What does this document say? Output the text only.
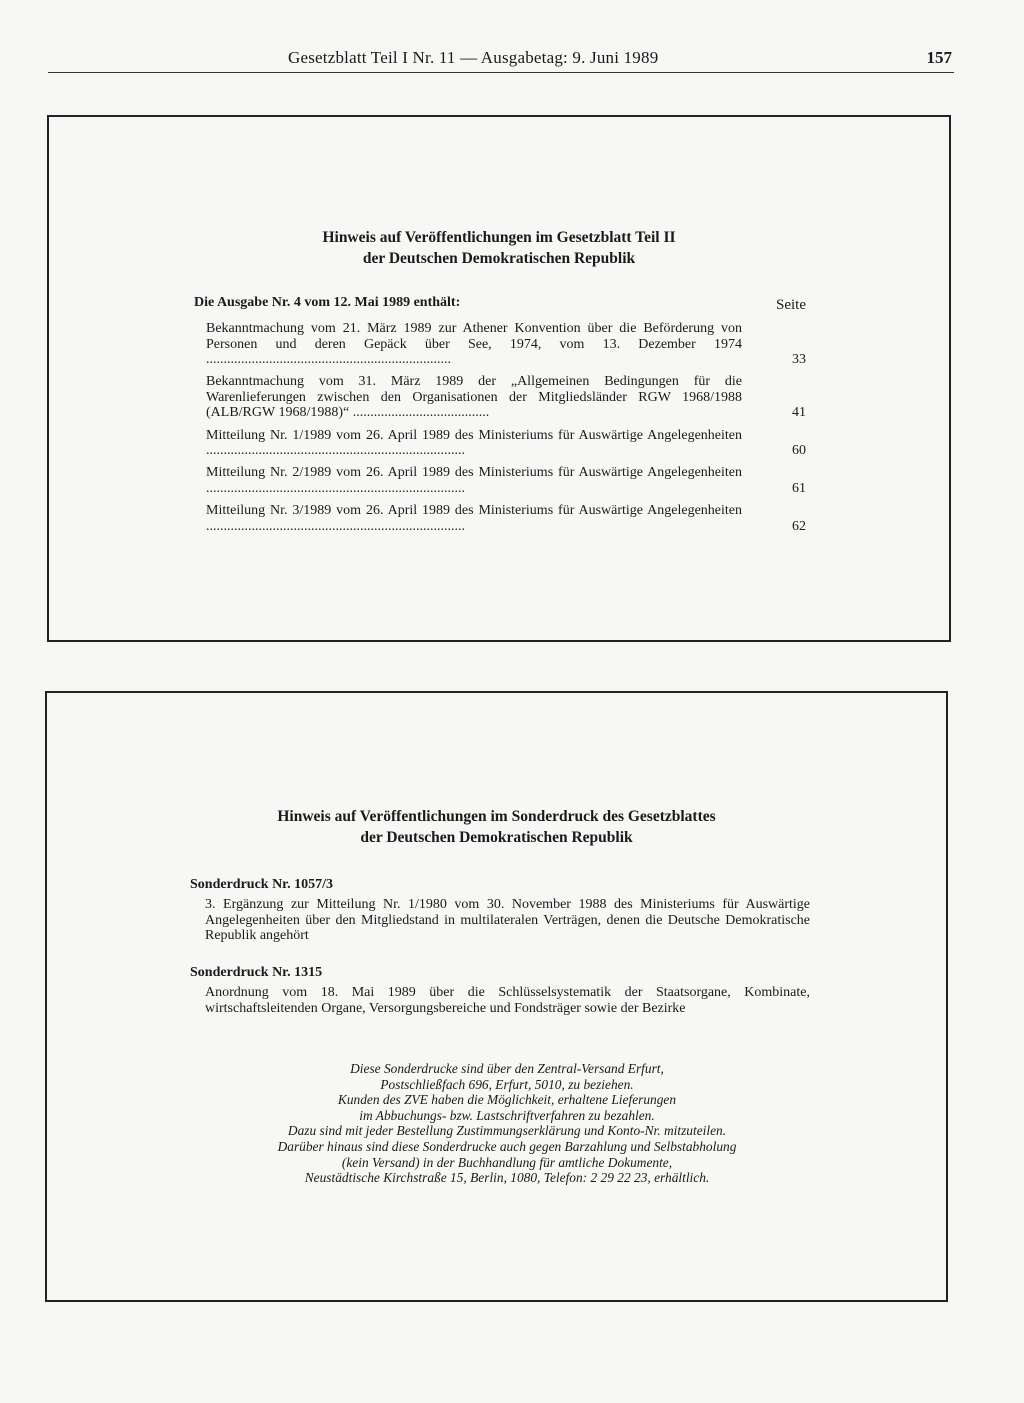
Gesetzblatt Teil I Nr. 11 — Ausgabetag: 9. Juni 1989	157
Hinweis auf Veröffentlichungen im Gesetzblatt Teil II
der Deutschen Demokratischen Republik
Die Ausgabe Nr. 4 vom 12. Mai 1989 enthält:	Seite
Bekanntmachung vom 21. März 1989 zur Athener Konvention über die Beförderung von Personen und deren Gepäck über See, 1974, vom 13. Dezember 1974 ......................................................................	33
Bekanntmachung vom 31. März 1989 der „Allgemeinen Bedingungen für die Warenlieferungen zwischen den Organisationen der Mitgliedsländer RGW 1968/1988 (ALB/RGW 1968/1988)“ .......................................	41
Mitteilung Nr. 1/1989 vom 26. April 1989 des Ministeriums für Auswärtige Angelegenheiten ..........................................................................	60
Mitteilung Nr. 2/1989 vom 26. April 1989 des Ministeriums für Auswärtige Angelegenheiten ..........................................................................	61
Mitteilung Nr. 3/1989 vom 26. April 1989 des Ministeriums für Auswärtige Angelegenheiten ..........................................................................	62
Hinweis auf Veröffentlichungen im Sonderdruck des Gesetzblattes
der Deutschen Demokratischen Republik
Sonderdruck Nr. 1057/3
3. Ergänzung zur Mitteilung Nr. 1/1980 vom 30. November 1988 des Ministeriums für Auswärtige Angelegenheiten über den Mitgliedstand in multilateralen Verträgen, denen die Deutsche Demokratische Republik angehört
Sonderdruck Nr. 1315
Anordnung vom 18. Mai 1989 über die Schlüsselsystematik der Staatsorgane, Kombinate, wirtschaftsleitenden Organe, Versorgungsbereiche und Fondsträger sowie der Bezirke

Diese Sonderdrucke sind über den Zentral-Versand Erfurt,

Postschließfach 696, Erfurt, 5010, zu beziehen.

Kunden des ZVE haben die Möglichkeit, erhaltene Lieferungen

im Abbuchungs- bzw. Lastschriftverfahren zu bezahlen.

Dazu sind mit jeder Bestellung Zustimmungserklärung und Konto-Nr. mitzuteilen.

Darüber hinaus sind diese Sonderdrucke auch gegen Barzahlung und Selbstabholung

(kein Versand) in der Buchhandlung für amtliche Dokumente,

Neustädtische Kirchstraße 15, Berlin, 1080, Telefon: 2 29 22 23, erhältlich.
